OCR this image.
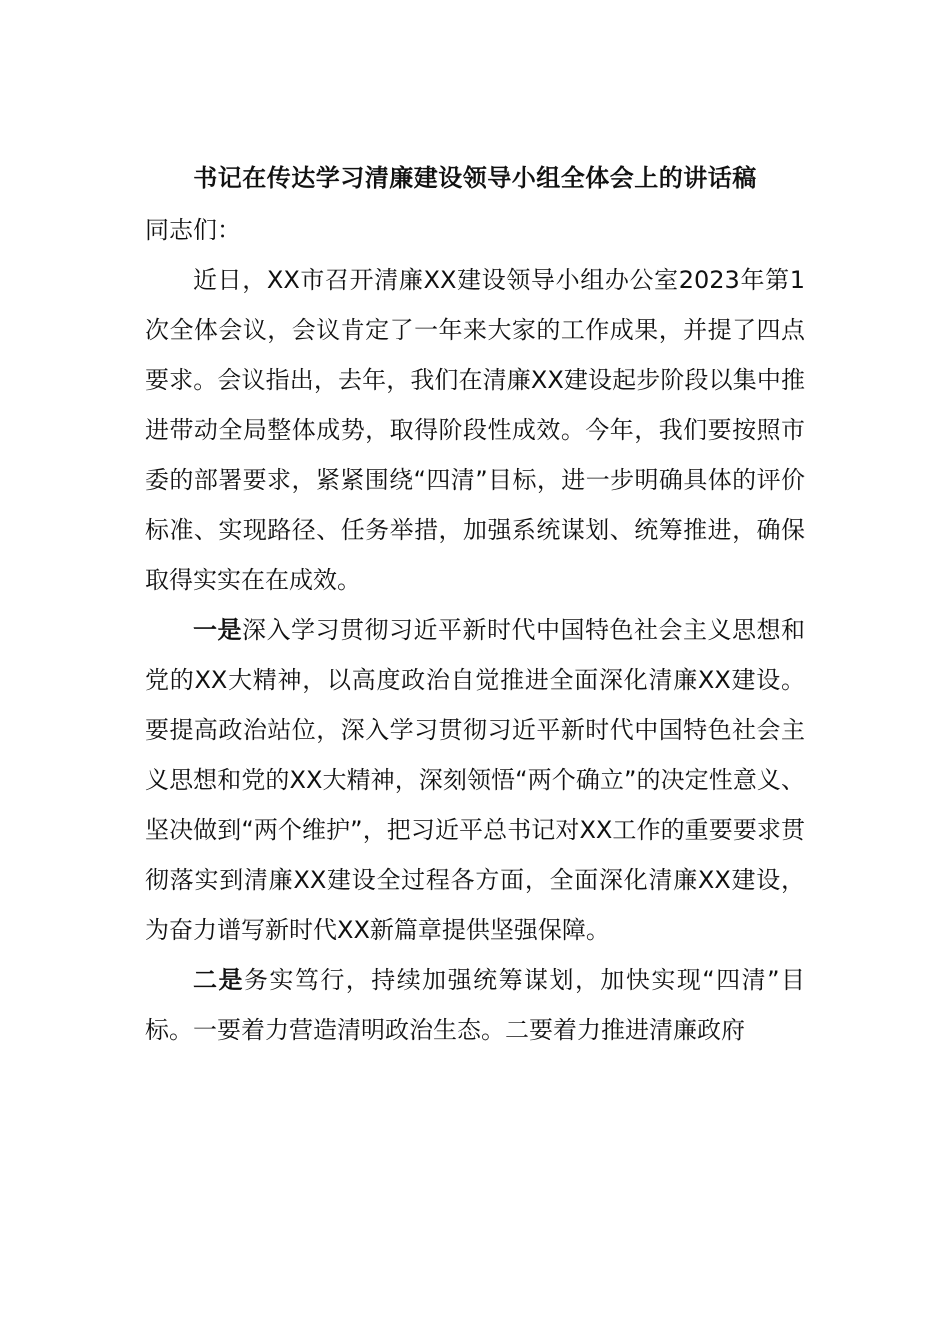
书记在传达学习清廉建设领导小组全体会上的讲话稿

同志们：

近日，XX市召开清廉XX建设领导小组办公室2023年第1次全体会议，会议肯定了一年来大家的工作成果，并提了四点要求。会议指出，去年，我们在清廉XX建设起步阶段以集中推进带动全局整体成势，取得阶段性成效。今年，我们要按照市委的部署要求，紧紧围绕“四清”目标，进一步明确具体的评价标准、实现路径、任务举措，加强系统谋划、统筹推进，确保取得实实在在成效。

一是深入学习贯彻习近平新时代中国特色社会主义思想和党的XX大精神，以高度政治自觉推进全面深化清廉XX建设。要提高政治站位，深入学习贯彻习近平新时代中国特色社会主义思想和党的XX大精神，深刻领悟“两个确立”的决定性意义、坚决做到“两个维护”，把习近平总书记对XX工作的重要要求贯彻落实到清廉XX建设全过程各方面，全面深化清廉XX建设，为奋力谱写新时代XX新篇章提供坚强保障。

二是务实笃行，持续加强统筹谋划，加快实现“四清”目标。一要着力营造清明政治生态。二要着力推进清廉政府
